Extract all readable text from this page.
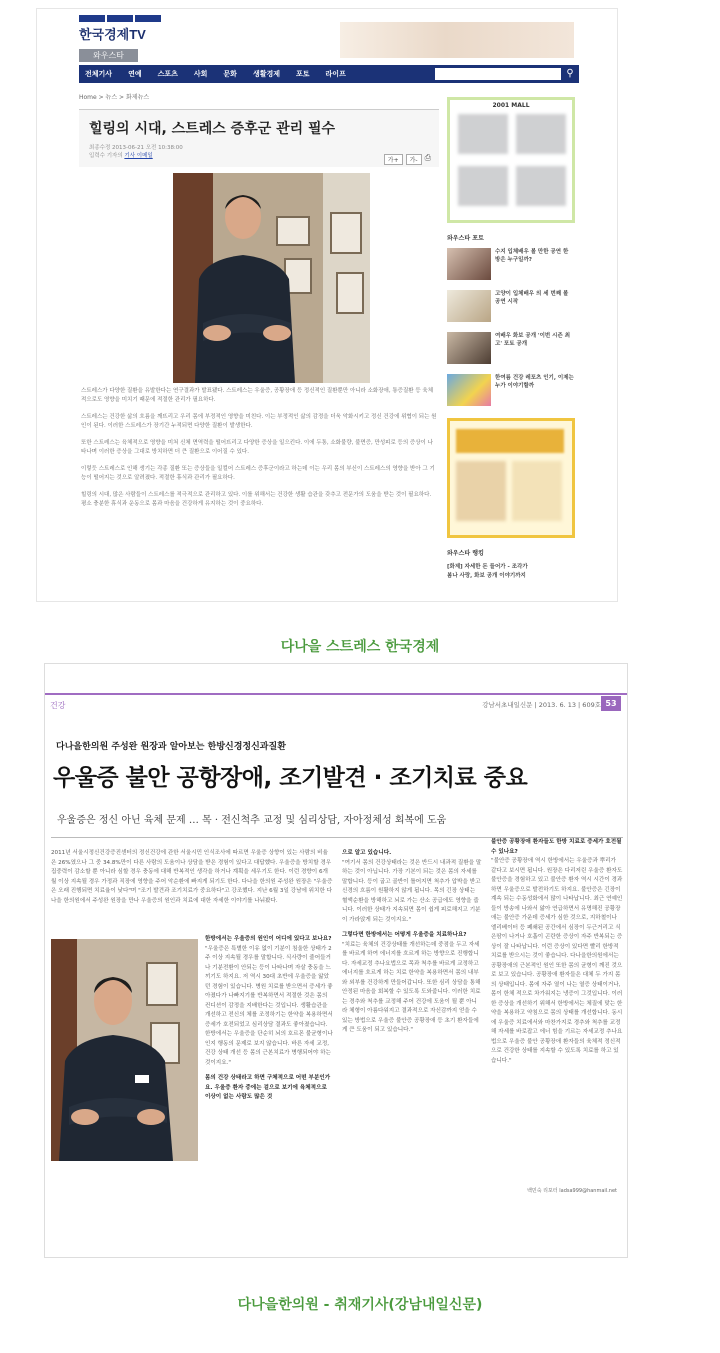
한국경제TV
와우스타
전체기사 연예 스포츠 사회 문화 생활경제 포토 라이프	⚲
Home > 뉴스 > 화제뉴스
힐링의 시대, 스트레스 증후군 관리 필수
최종수정 2013-06-21 오전 10:38:00
입력수 기자의 기사 이메일
가+	가- ⎙

스트레스가 다양한 질환을 유발한다는 연구결과가 발표됐다. 스트레스는 우울증, 공황장애 등 정신적인 질환뿐만 아니라 소화장애, 통증질환 등 육체적으로도 영향을 미치기 때문에 적절한 관리가 필요하다.

스트레스는 건강한 삶의 흐름을 깨뜨리고 우리 몸에 부정적인 영향을 미친다. 이는 부정적인 삶의 감정을 더욱 악화시키고 정신 건강에 위협이 되는 원인이 된다. 이러한 스트레스가 장기간 누적되면 다양한 질환이 발생한다.

또한 스트레스는 육체적으로 영향을 미쳐 신체 면역력을 떨어뜨리고 다양한 증상을 일으킨다. 이에 두통, 소화불량, 불면증, 만성피로 등의 증상이 나타나며 이러한 증상을 그대로 방치하면 더 큰 질환으로 이어질 수 있다.

이렇듯 스트레스로 인해 생기는 각종 질환 또는 증상들을 일컬어 스트레스 증후군이라고 하는데 이는 우리 몸의 부신이 스트레스의 영향을 받아 그 기능이 떨어지는 것으로 알려졌다. 적절한 휴식과 관리가 필요하다.

힐링의 시대, 많은 사람들이 스트레스를 적극적으로 관리하고 있다. 이를 위해서는 건강한 생활 습관을 갖추고 전문가의 도움을 받는 것이 필요하다. 평소 충분한 휴식과 운동으로 몸과 마음을 건강하게 유지하는 것이 중요하다.

2001 MALL
와우스타 포토
수지 입체배우 볼 만한 공연 한 방은 누구일까?
고양이 입체배우 의 세 번째 볼 공연 시작
여배우 화보 공개 '이번 시즌 최고' 포토 공개
한여름 건강 레포츠 인기, 이제는 누가 이야기할까
와우스타 랭킹
[화제] 자세한 돈 들어가 - 조각가
봄나 사랑, 화보 공개 이야기까지
다나을 스트레스 한국경제
건강	강남서초내일신문 | 2013. 6. 13 | 609호 53
다나을한의원 주성완 원장과 알아보는 한방신경정신과질환
우울증 불안 공항장애, 조기발견 · 조기치료 중요
우울증은 정신 아닌 육체 문제 … 목 · 전신척추 교정 및 심리상담, 자아정체성 회복에 도움
2011년 서울시정신건강증진센터의 정신건강에 관한 서울시민 인식조사에 따르면 우울증 상향이 있는 사람의 비율은 26%였으나 그 중 34.8%만이 다른 사람의 도움이나 상담을 받은 경험이 있다고 대답했다. 우울증을 방치할 경우 집중력이 감소할 뿐 아니라 심할 경우 충동에 대해 반복적인 생각을 하거나 계획을 세우기도 한다. 이런 경향이 6개월 이상 지속될 경우 가정과 직장에 영향을 주어 악순환에 빠지게 되기도 한다. 다나을 한의원 주성완 원장은 "우울증은 오래 진행되면 치료율이 낮다"며 "조기 발견과 조기치료가 중요하다"고 강조했다. 지난 6월 3일 강남에 위치한 다나을 한의원에서 주성완 원장을 만나 우울증의 원인과 치료에 대한 자세한 이야기를 나눠봤다.
한방에서는 우울증의 원인이 어디에 있다고 보나요?
"우울증은 특별한 이유 없이 기분이 침울한 상태가 2주 이상 지속될 경우를 말합니다. 식사량이 줄어들거나 기분전환이 안되는 등이 나타나며 자살 충동을 느끼기도 하지요. 저 역시 30대 초반에 우울증을 앓았던 경험이 있습니다. 병원 치료를 받으면서 증세가 좋아졌다가 나빠지기를 반복하면서 적절한 것은 몸의 컨디션이 감정을 지배한다는 것입니다. 생활습관을 개선하고 전신의 체를 조정하기는 한약을 복용하면서 증세가 호전되었고 심리상담 결과도 좋아졌습니다. 한방에서는 우울증을 단순히 뇌의 호르몬 불균형이나 인지 행동의 문제로 보지 않습니다. 바른 자세 교정, 건강 상태 개선 등 몸의 근본치료가 병행되어야 하는 것이지요."
몸의 건강 상태라고 하면 구체적으로 어떤 부분인가요. 우울증 환자 중에는 겉으로 보기에 육체적으로 이상이 없는 사람도 많은 것
으로 알고 있습니다.
"여기서 몸의 건강상태라는 것은 반드시 내과적 질환을 말하는 것이 아닙니다. 가장 기본이 되는 것은 몸의 자세를 말합니다. 등이 굽고 골반이 틀어지면 척추가 압박을 받고 신경의 흐름이 원활하지 않게 됩니다. 목의 긴장 상태는 혈액순환을 방해하고 뇌로 가는 산소 공급에도 영향을 줍니다. 이러한 상태가 지속되면 몸이 쉽게 피로해지고 기분이 가라앉게 되는 것이지요."
그렇다면 한방에서는 어떻게 우울증을 치료하나요?
"치료는 육체의 건강상태를 개선하는데 중점을 두고 자세를 바르게 하여 에너지를 흐르게 하는 방향으로 진행합니다. 자세교정 추나요법으로 목과 척추를 바르게 교정하고 에너지를 흐르게 하는 치료 한약을 복용하면서 몸의 내부와 외부를 건강하게 만들어갑니다. 또한 심리 상담을 통해 안정된 마음을 회복할 수 있도록 도와줍니다. 이러한 치료는 경추와 척추를 교정해 주어 건강에 도움이 될 뿐 아니라 체형이 아름다워지고 결과적으로 자신감까지 얻을 수 있는 방법으로 우울증 불안증 공황장애 등 초기 환자들에게 큰 도움이 되고 있습니다."
불안증 공황장애 환자들도 한방 치료로 증세가 호전될 수 있나요?
"불안증 공황장애 역시 한방에서는 우울증과 뿌리가 같다고 보시면 됩니다. 원장은 다리저린 우울증 환자도 불안증을 경험하고 있고 불안증 환자 역시 시간이 경과하면 우울증으로 발전하기도 하지요. 불안증은 긴장이 계속 되는 수동성화에서 많이 나타납니다. 최근 연예인들이 방송에 나와서 앓아 연급하면서 유명해진 공황장애는 불안증 가운데 증세가 심한 것으로, 지하철이나 엘리베이터 등 폐쇄된 공간에서 심장이 두근거리고 식은땀이 나거나 호흡이 곤란한 증상이 자주 반복되는 증상이 잘 나타납니다. 이런 증상이 있다면 빨리 한방적 치료를 받으시는 것이 좋습니다. 다나을한의원에서는 공황장애의 근본적인 원인 또한 몸의 균형이 깨진 것으로 보고 있습니다. 공황장애 환자들은 대체 두 가지 몸의 상태입니다. 몸에 자주 열이 나는 열증 상태이거나, 몸이 한체 적으로 차가워지는 냉증이 그것입니다. 이러한 증상을 개선하기 위해서 한방에서는 체질에 맞는 한약을 복용하고 약침으로 몸의 상태를 개선합니다. 동시에 우울증 치료에서와 마찬가지로 경추와 척추를 교정해 자세를 바로잡고 에너 힘을 기르는 자세교정 추나요법으로 우울증 불안 공황장애 환자들의 육체적 정신적으로 건강한 상태를 지속할 수 있도록 치료를 하고 있습니다."
백민숙 리포터 ladsa999@hanmail.net
다나을한의원 - 취재기사(강남내일신문)
